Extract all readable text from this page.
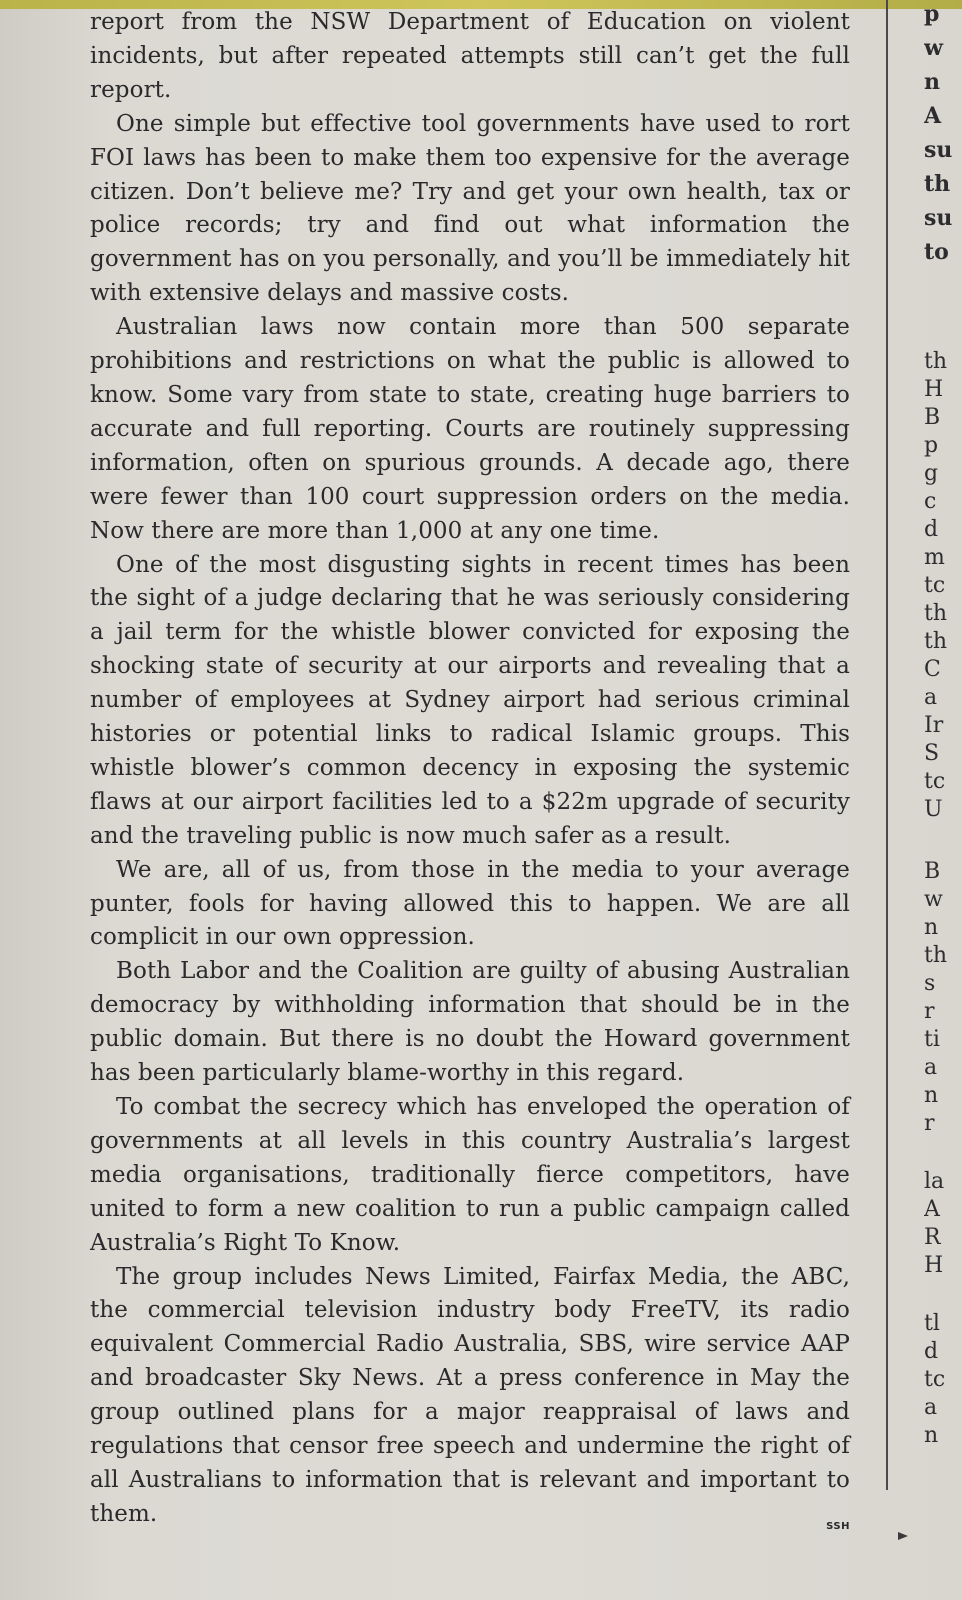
report from the NSW Department of Education on violent incidents, but after repeated attempts still can’t get the full report.

One simple but effective tool governments have used to rort FOI laws has been to make them too expensive for the average citizen. Don’t believe me? Try and get your own health, tax or police records; try and find out what information the government has on you personally, and you’ll be immediately hit with extensive delays and massive costs.

Australian laws now contain more than 500 separate prohibitions and restrictions on what the public is allowed to know. Some vary from state to state, creating huge barriers to accurate and full reporting. Courts are routinely suppressing information, often on spurious grounds. A decade ago, there were fewer than 100 court suppression orders on the media. Now there are more than 1,000 at any one time.

One of the most disgusting sights in recent times has been the sight of a judge declaring that he was seriously considering a jail term for the whistle blower convicted for exposing the shocking state of security at our airports and revealing that a number of employees at Sydney airport had serious criminal histories or potential links to radical Islamic groups. This whistle blower’s common decency in exposing the systemic flaws at our airport facilities led to a $22m upgrade of security and the traveling public is now much safer as a result.

We are, all of us, from those in the media to your average punter, fools for having allowed this to happen. We are all complicit in our own oppression.

Both Labor and the Coalition are guilty of abusing Australian democracy by withholding information that should be in the public domain. But there is no doubt the Howard government has been particularly blame-worthy in this regard.

To combat the secrecy which has enveloped the operation of governments at all levels in this country Australia’s largest media organisations, traditionally fierce competitors, have united to form a new coalition to run a public campaign called Australia’s Right To Know.

The group includes News Limited, Fairfax Media, the ABC, the commercial television industry body FreeTV, its radio equivalent Commercial Radio Australia, SBS, wire service AAP and broadcaster Sky News. At a press conference in May the group outlined plans for a major reappraisal of laws and regulations that censor free speech and undermine the right of all Australians to information that is relevant and important to them.	SSH

p
w
n
A
su
th
su
to
th
H
B
p
g
c
d
m
tc
th
th
C
a
Ir
S
tc
U
B
w
n
th
s
r
ti
a
n
r
la
A
R
H
tl
d
tc
a
n
